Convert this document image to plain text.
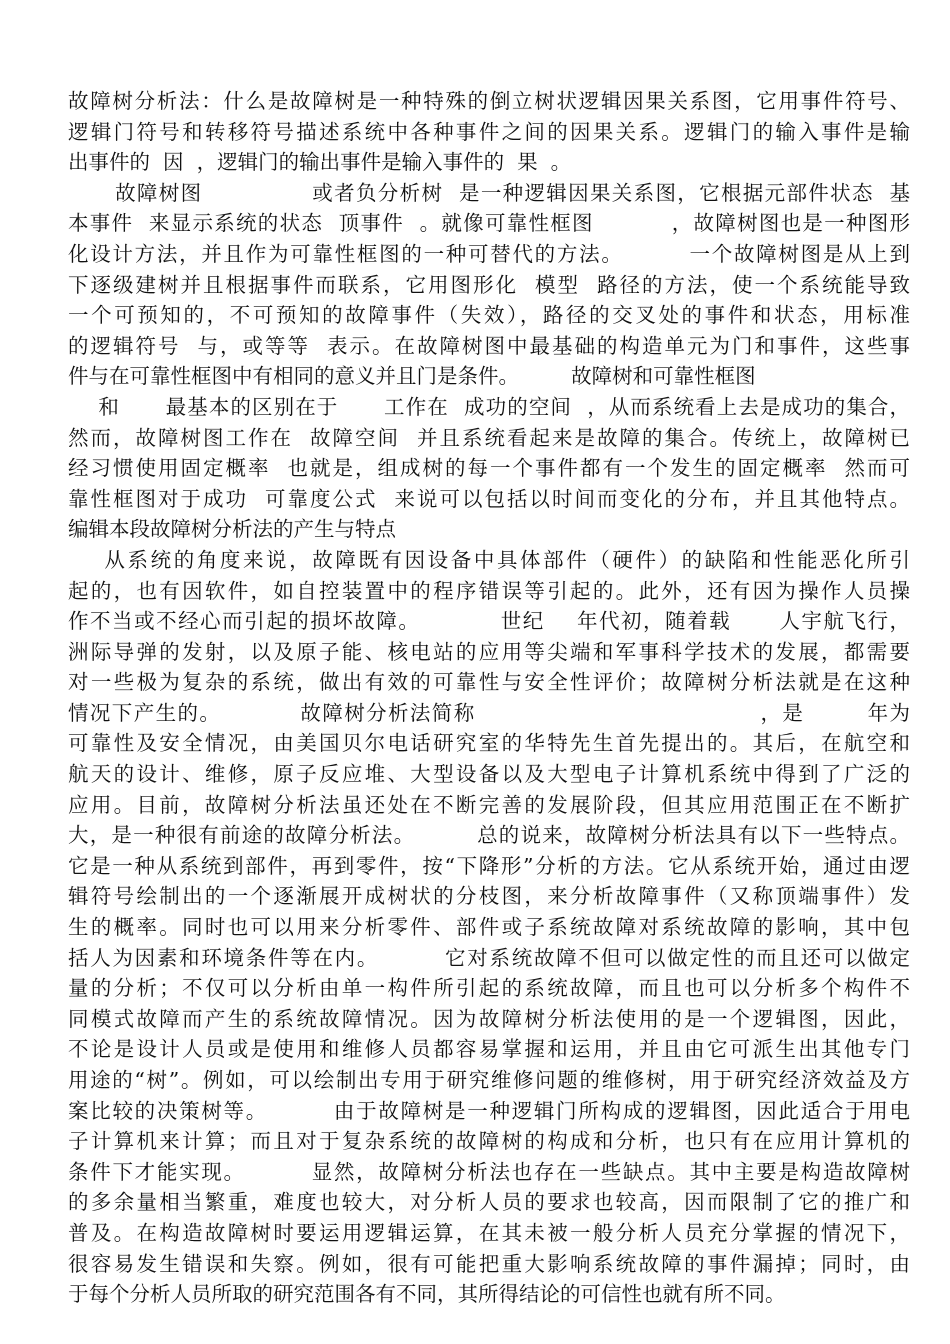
故障树分析法：什么是故障树是一种特殊的倒立树状逻辑因果关系图，它用事件符号、
逻辑门符号和转移符号描述系统中各种事件之间的因果关系。逻辑门的输入事件是输
出事件的  因  ，逻辑门的输出事件是输入事件的  果  。
故障树图              或者负分析树  是一种逻辑因果关系图，它根据元部件状态  基
本事件  来显示系统的状态  顶事件  。就像可靠性框图          ，故障树图也是一种图形
化设计方法，并且作为可靠性框图的一种可替代的方法。        一个故障树图是从上到
下逐级建树并且根据事件而联系，它用图形化  模型  路径的方法，使一个系统能导致
一个可预知的，不可预知的故障事件（失效），路径的交叉处的事件和状态，用标准
的逻辑符号  与，或等等  表示。在故障树图中最基础的构造单元为门和事件，这些事
件与在可靠性框图中有相同的意义并且门是条件。        故障树和可靠性框图
和      最基本的区别在于      工作在  成功的空间  ，从而系统看上去是成功的集合，
然而，故障树图工作在  故障空间  并且系统看起来是故障的集合。传统上，故障树已
经习惯使用固定概率  也就是，组成树的每一个事件都有一个发生的固定概率  然而可
靠性框图对于成功  可靠度公式  来说可以包括以时间而变化的分布，并且其他特点。
编辑本段故障树分析法的产生与特点
从系统的角度来说，故障既有因设备中具体部件（硬件）的缺陷和性能恶化所引
起的，也有因软件，如自控装置中的程序错误等引起的。此外，还有因为操作人员操
作不当或不经心而引起的损坏故障。          世纪    年代初，随着载      人宇航飞行，
洲际导弹的发射，以及原子能、核电站的应用等尖端和军事科学技术的发展，都需要
对一些极为复杂的系统，做出有效的可靠性与安全性评价；故障树分析法就是在这种
情况下产生的。          故障树分析法简称                                    ，是        年为
可靠性及安全情况，由美国贝尔电话研究室的华特先生首先提出的。其后，在航空和
航天的设计、维修，原子反应堆、大型设备以及大型电子计算机系统中得到了广泛的
应用。目前，故障树分析法虽还处在不断完善的发展阶段，但其应用范围正在不断扩
大，是一种很有前途的故障分析法。        总的说来，故障树分析法具有以下一些特点。
它是一种从系统到部件，再到零件，按“下降形”分析的方法。它从系统开始，通过由逻
辑符号绘制出的一个逐渐展开成树状的分枝图，来分析故障事件（又称顶端事件）发
生的概率。同时也可以用来分析零件、部件或子系统故障对系统故障的影响，其中包
括人为因素和环境条件等在内。        它对系统故障不但可以做定性的而且还可以做定
量的分析；不仅可以分析由单一构件所引起的系统故障，而且也可以分析多个构件不
同模式故障而产生的系统故障情况。因为故障树分析法使用的是一个逻辑图，因此，
不论是设计人员或是使用和维修人员都容易掌握和运用，并且由它可派生出其他专门
用途的“树”。例如，可以绘制出专用于研究维修问题的维修树，用于研究经济效益及方
案比较的决策树等。        由于故障树是一种逻辑门所构成的逻辑图，因此适合于用电
子计算机来计算；而且对于复杂系统的故障树的构成和分析，也只有在应用计算机的
条件下才能实现。        显然，故障树分析法也存在一些缺点。其中主要是构造故障树
的多余量相当繁重，难度也较大，对分析人员的要求也较高，因而限制了它的推广和
普及。在构造故障树时要运用逻辑运算，在其未被一般分析人员充分掌握的情况下，
很容易发生错误和失察。例如，很有可能把重大影响系统故障的事件漏掉；同时，由
于每个分析人员所取的研究范围各有不同，其所得结论的可信性也就有所不同。
